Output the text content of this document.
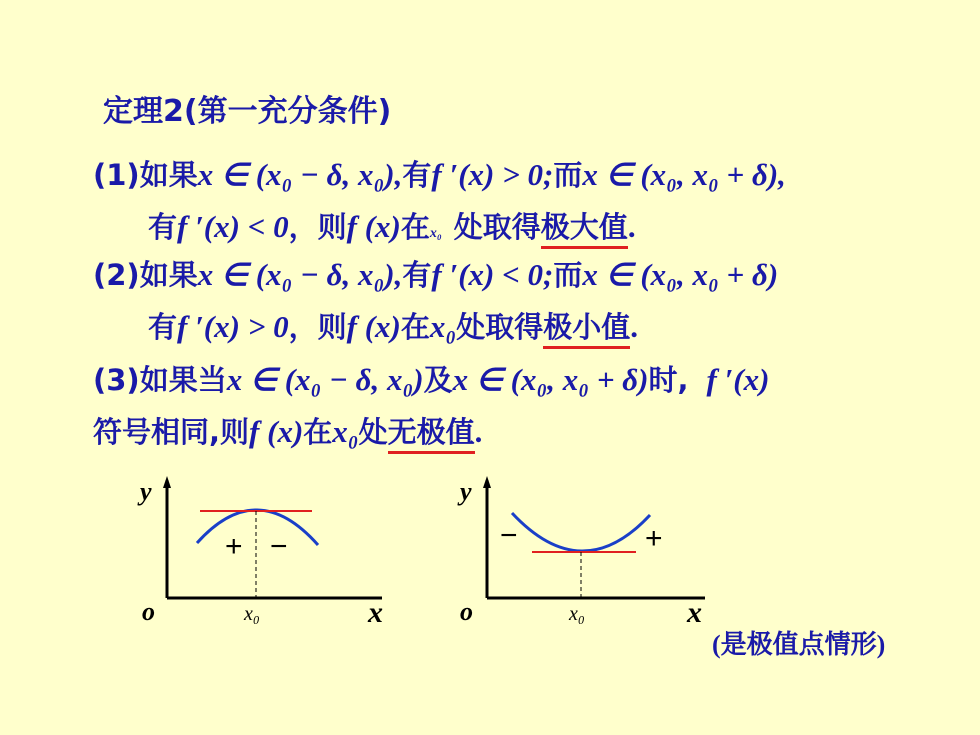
定理2(第一充分条件)
(1) 如果 x ∈ (x₀ − δ, x₀), 有 f ′(x) > 0; 而 x ∈ (x₀, x₀ + δ),
有 f ′(x) < 0 ，则 f (x) 在 x₀ 处取得 极大值 .
(2) 如果 x ∈ (x₀ − δ, x₀), 有 f ′(x) < 0; 而 x ∈ (x₀, x₀ + δ)
有 f ′(x) > 0 ，则 f (x) 在 x₀ 处取得 极小值 .
(3) 如果当 x ∈ (x₀ − δ, x₀) 及 x ∈ (x₀, x₀ + δ) 时, f ′(x)
符号相同, 则 f (x) 在 x₀ 处 无极值 .
+ −
y
o	x
x₀
−	+
y
o	x
x₀
(是极值点情形)
